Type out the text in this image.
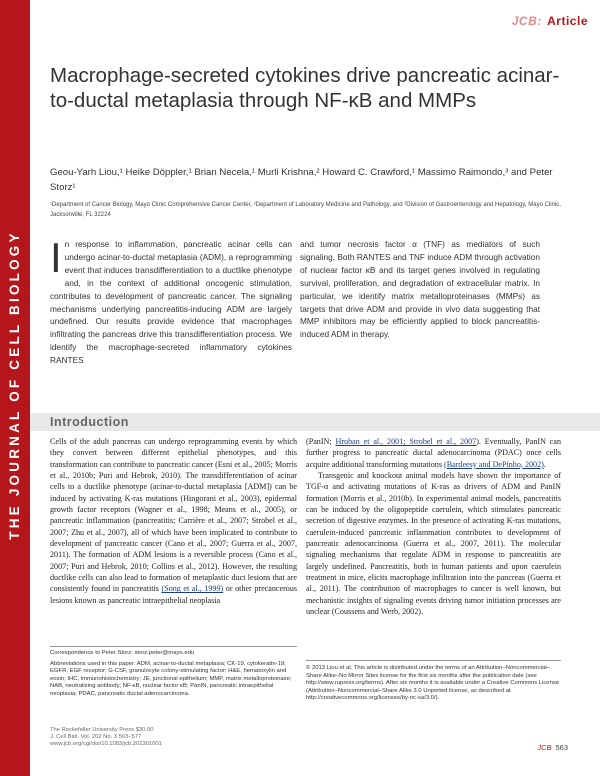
THE JOURNAL OF CELL BIOLOGY
JCB: Article
Macrophage-secreted cytokines drive pancreatic acinar-to-ductal metaplasia through NF-κB and MMPs
Geou-Yarh Liou,¹ Heike Döppler,¹ Brian Necela,¹ Murli Krishna,² Howard C. Crawford,¹ Massimo Raimondo,³ and Peter Storz¹
¹Department of Cancer Biology, Mayo Clinic Comprehensive Cancer Center, ²Department of Laboratory Medicine and Pathology, and ³Division of Gastroenterology and Hepatology, Mayo Clinic, Jacksonville, FL 32224
In response to inflammation, pancreatic acinar cells can undergo acinar-to-ductal metaplasia (ADM), a reprogramming event that induces transdifferentiation to a ductlike phenotype and, in the context of additional oncogenic stimulation, contributes to development of pancreatic cancer. The signaling mechanisms underlying pancreatitis-inducing ADM are largely undefined. Our results provide evidence that macrophages infiltrating the pancreas drive this transdifferentiation process. We identify the macrophage-secreted inflammatory cytokines RANTES
and tumor necrosis factor α (TNF) as mediators of such signaling. Both RANTES and TNF induce ADM through activation of nuclear factor κB and its target genes involved in regulating survival, proliferation, and degradation of extracellular matrix. In particular, we identify matrix metalloproteinases (MMPs) as targets that drive ADM and provide in vivo data suggesting that MMP inhibitors may be efficiently applied to block pancreatitis-induced ADM in therapy.
Introduction
Cells of the adult pancreas can undergo reprogramming events by which they convert between different epithelial phenotypes, and this transformation can contribute to pancreatic cancer (Esni et al., 2005; Morris et al., 2010b; Puri and Hebrok, 2010). The transdifferentiation of acinar cells to a ductlike phenotype (acinar-to-ductal metaplasia [ADM]) can be induced by activating K-ras mutations (Hingorani et al., 2003), epidermal growth factor receptors (Wagner et al., 1998; Means et al., 2005), or pancreatic inflammation (pancreatitis; Carrière et al., 2007; Strobel et al., 2007; Zhu et al., 2007), all of which have been implicated to contribute to development of pancreatic cancer (Cano et al., 2007; Guerra et al., 2007, 2011). The formation of ADM lesions is a reversible process (Cano et al., 2007; Puri and Hebrok, 2010; Collins et al., 2012). However, the resulting ductlike cells can also lead to formation of metaplastic duct lesions that are consistently found in pancreatitis (Song et al., 1999) or other precancerous lesions known as pancreatic intraepithelial neoplasia
(PanIN; Hruban et al., 2001; Strobel et al., 2007). Eventually, PanIN can further progress to pancreatic ductal adenocarcinoma (PDAC) once cells acquire additional transforming mutations (Bardeesy and DePinho, 2002).
Transgenic and knockout animal models have shown the importance of TGF-α and activating mutations of K-ras as drivers of ADM and PanIN formation (Morris et al., 2010b). In experimental animal models, pancreatitis can be induced by the oligopeptide caerulein, which stimulates pancreatic secretion of digestive enzymes. In the presence of activating K-ras mutations, caerulein-induced pancreatic inflammation contributes to development of pancreatic adenocarcinoma (Guerra et al., 2007, 2011). The molecular signaling mechanisms that regulate ADM in response to pancreatitis are largely undefined. Pancreatitis, both in human patients and upon caerulein treatment in mice, elicits macrophage infiltration into the pancreas (Guerra et al., 2011). The contribution of macrophages to cancer is well known, but mechanistic insights of signaling events driving tumor initiation processes are unclear (Coussens and Werb, 2002).
Correspondence to Peter Storz: storz.peter@mayo.edu
Abbreviations used in this paper: ADM, acinar-to-ductal metaplasia; CK-19, cytokeratin-19; EGFR, EGF receptor; G-CSF, granulocyte colony-stimulating factor; H&E, hematoxylin and eosin; IHC, immunohistochemistry; JE, junctional epithelium; MMP, matrix metalloproteinase; NAB, neutralizing antibody; NF-κB, nuclear factor κB; PanIN, pancreatic intraepithelial neoplasia; PDAC, pancreatic ductal adenocarcinoma.
© 2013 Liou et al. This article is distributed under the terms of an Attribution–Noncommercial–Share Alike–No Mirror Sites license for the first six months after the publication date (see http://www.rupress.org/terms). After six months it is available under a Creative Commons License (Attribution–Noncommercial–Share Alike 3.0 Unported license, as described at http://creativecommons.org/licenses/by-nc-sa/3.0/).
The Rockefeller University Press $30.00
J. Cell Biol. Vol. 202 No. 3 563–577
www.jcb.org/cgi/doi/10.1083/jcb.201301001	JCB 563
